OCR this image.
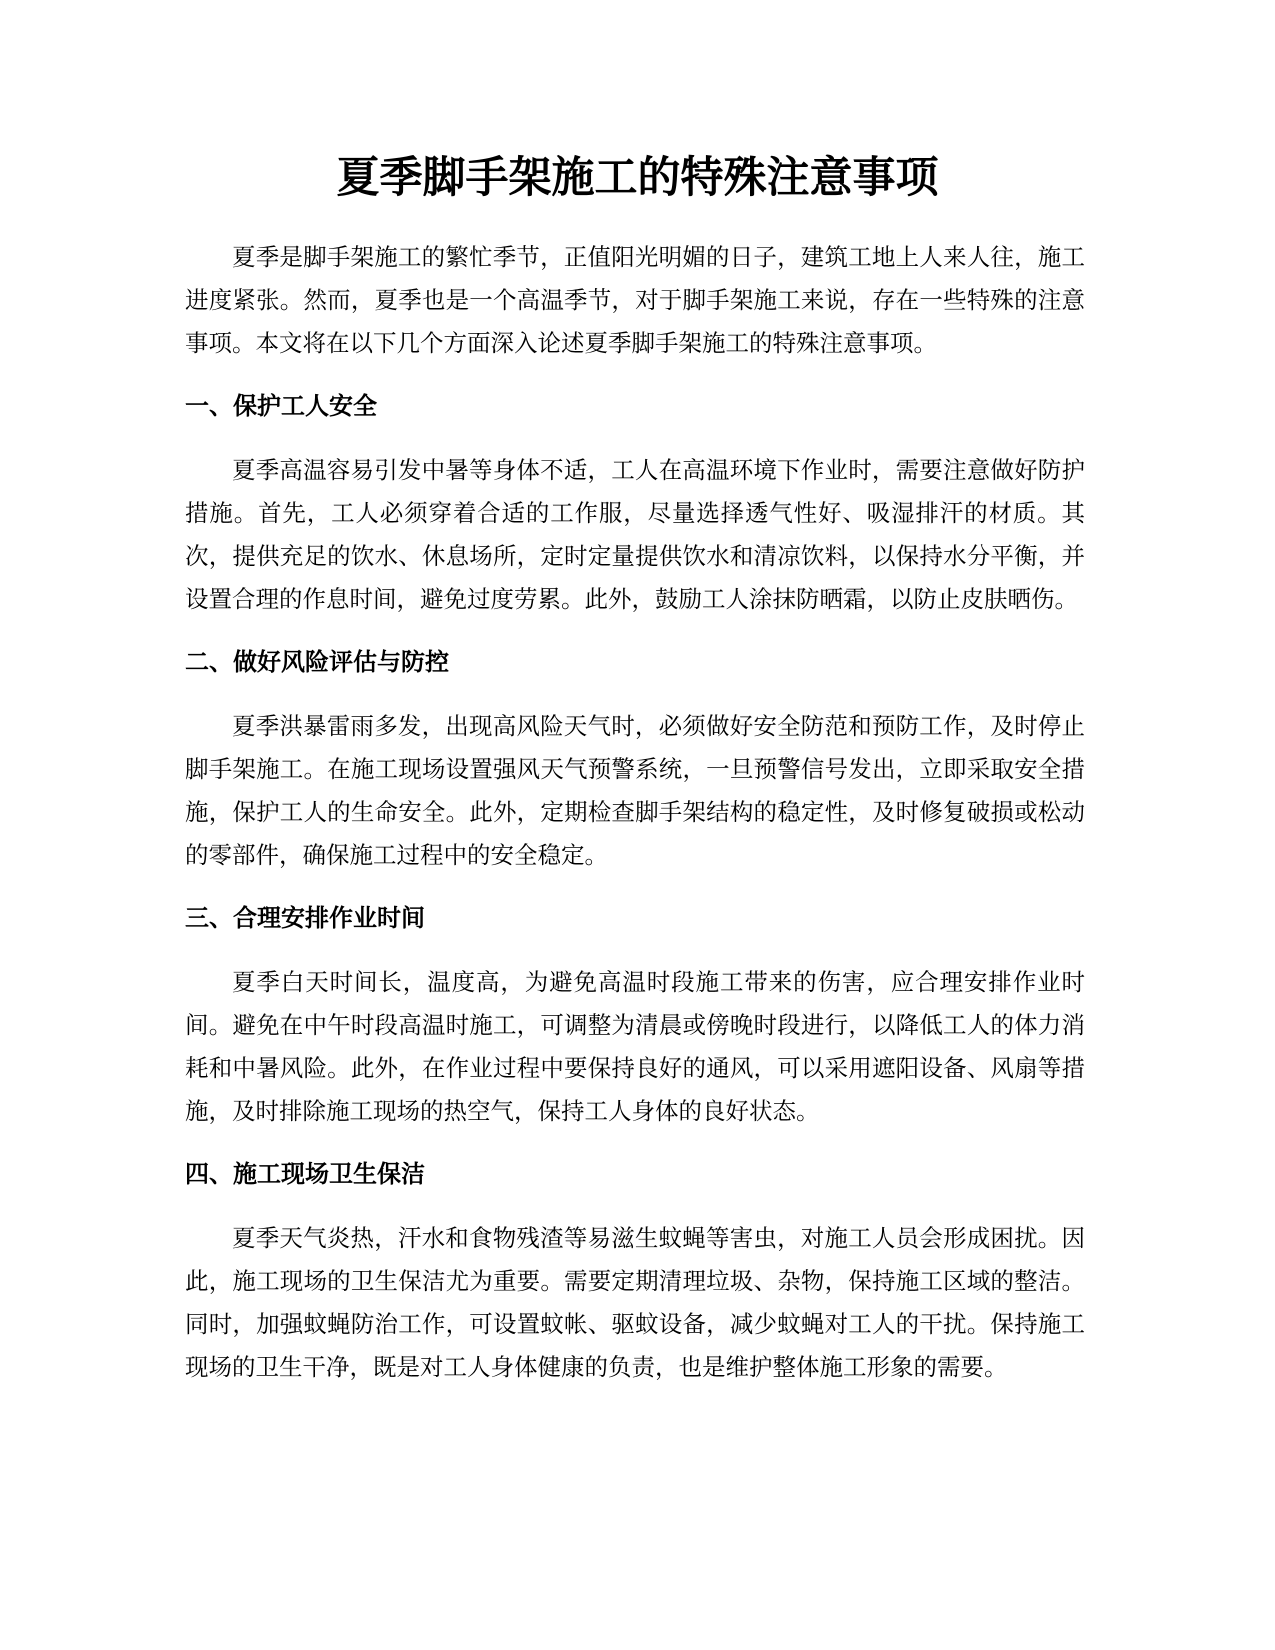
夏季脚手架施工的特殊注意事项

夏季是脚手架施工的繁忙季节，正值阳光明媚的日子，建筑工地上人来人往，施工进度紧张。然而，夏季也是一个高温季节，对于脚手架施工来说，存在一些特殊的注意事项。本文将在以下几个方面深入论述夏季脚手架施工的特殊注意事项。

一、保护工人安全

夏季高温容易引发中暑等身体不适，工人在高温环境下作业时，需要注意做好防护措施。首先，工人必须穿着合适的工作服，尽量选择透气性好、吸湿排汗的材质。其次，提供充足的饮水、休息场所，定时定量提供饮水和清凉饮料，以保持水分平衡，并设置合理的作息时间，避免过度劳累。此外，鼓励工人涂抹防晒霜，以防止皮肤晒伤。

二、做好风险评估与防控

夏季洪暴雷雨多发，出现高风险天气时，必须做好安全防范和预防工作，及时停止脚手架施工。在施工现场设置强风天气预警系统，一旦预警信号发出，立即采取安全措施，保护工人的生命安全。此外，定期检查脚手架结构的稳定性，及时修复破损或松动的零部件，确保施工过程中的安全稳定。

三、合理安排作业时间

夏季白天时间长，温度高，为避免高温时段施工带来的伤害，应合理安排作业时间。避免在中午时段高温时施工，可调整为清晨或傍晚时段进行，以降低工人的体力消耗和中暑风险。此外，在作业过程中要保持良好的通风，可以采用遮阳设备、风扇等措施，及时排除施工现场的热空气，保持工人身体的良好状态。

四、施工现场卫生保洁

夏季天气炎热，汗水和食物残渣等易滋生蚊蝇等害虫，对施工人员会形成困扰。因此，施工现场的卫生保洁尤为重要。需要定期清理垃圾、杂物，保持施工区域的整洁。同时，加强蚊蝇防治工作，可设置蚊帐、驱蚊设备，减少蚊蝇对工人的干扰。保持施工现场的卫生干净，既是对工人身体健康的负责，也是维护整体施工形象的需要。
